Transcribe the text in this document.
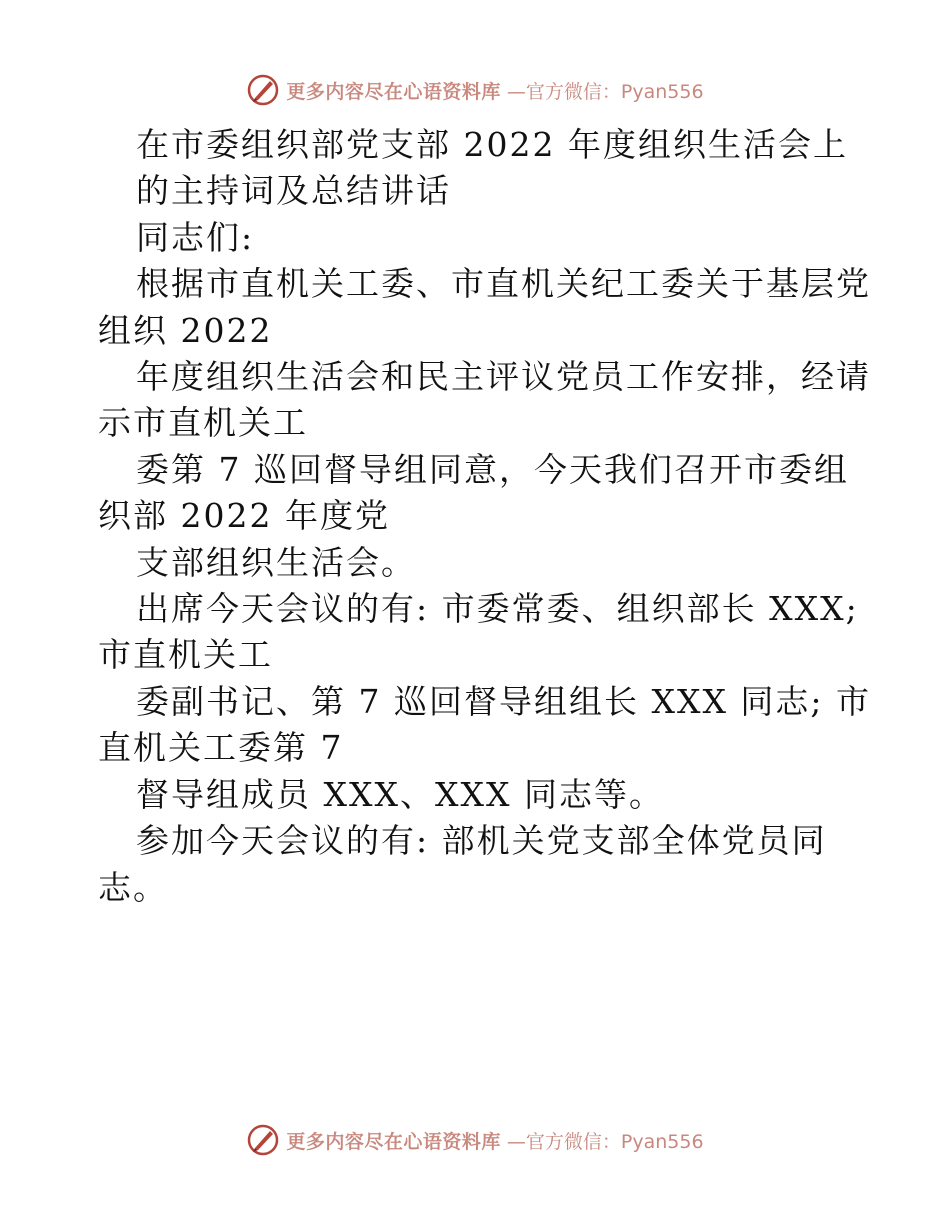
更多内容尽在心语资料库 —官方微信：Pyan556
在市委组织部党支部 2022 年度组织生活会上
的主持词及总结讲话
同志们:
根据市直机关工委、市直机关纪工委关于基层党
组织 2022
年度组织生活会和民主评议党员工作安排，经请
示市直机关工
委第 7 巡回督导组同意，今天我们召开市委组
织部 2022 年度党
支部组织生活会。
出席今天会议的有: 市委常委、组织部长 XXX;
市直机关工
委副书记、第 7 巡回督导组组长 XXX 同志; 市
直机关工委第 7
督导组成员 XXX、XXX 同志等。
参加今天会议的有: 部机关党支部全体党员同
志。
更多内容尽在心语资料库 —官方微信：Pyan556
